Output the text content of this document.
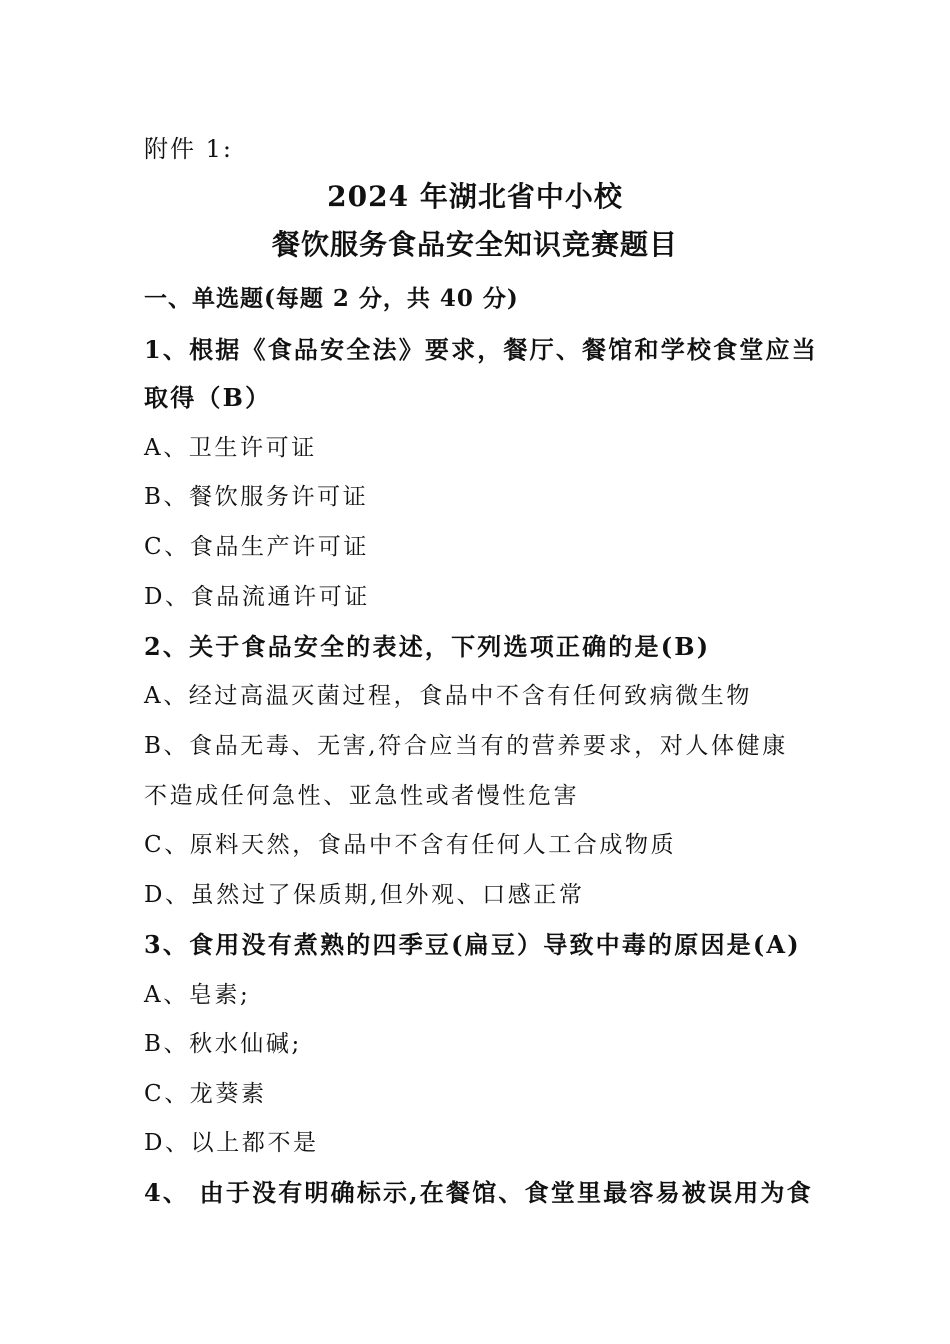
附件 1:
2024 年湖北省中小校
餐饮服务食品安全知识竞赛题目
一、单选题(每题 2 分，共 40 分)
1、根据《食品安全法》要求，餐厅、餐馆和学校食堂应当
取得（B）
A、卫生许可证
B、餐饮服务许可证
C、食品生产许可证
D、食品流通许可证
2、关于食品安全的表述，下列选项正确的是(B)
A、经过高温灭菌过程，食品中不含有任何致病微生物
B、食品无毒、无害,符合应当有的营养要求，对人体健康
不造成任何急性、亚急性或者慢性危害
C、原料天然，食品中不含有任何人工合成物质
D、虽然过了保质期,但外观、口感正常
3、食用没有煮熟的四季豆(扁豆）导致中毒的原因是(A)
A、皂素;
B、秋水仙碱;
C、龙葵素
D、以上都不是
4、 由于没有明确标示,在餐馆、食堂里最容易被误用为食
